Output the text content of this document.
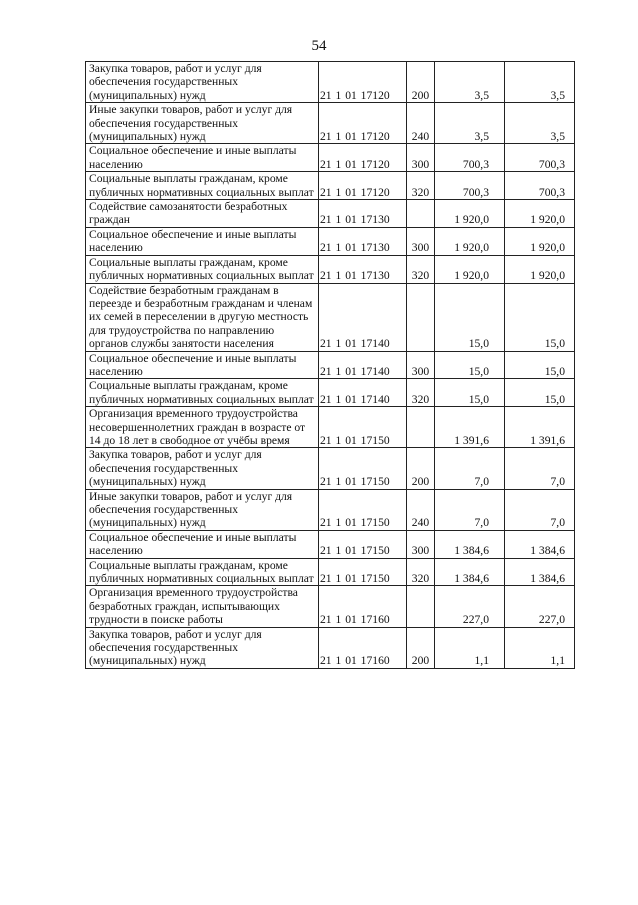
54
Закупка товаров, работ и услуг для обеспечения государственных (муниципальных) нужд	21 1 01 17120	200	3,5	3,5
Иные закупки товаров, работ и услуг для обеспечения государственных (муниципальных) нужд	21 1 01 17120	240	3,5	3,5
Социальное обеспечение и иные выплаты населению	21 1 01 17120	300	700,3	700,3
Социальные выплаты гражданам, кроме публичных нормативных социальных выплат	21 1 01 17120	320	700,3	700,3
Содействие самозанятости безработных граждан	21 1 01 17130		1 920,0	1 920,0
Социальное обеспечение и иные выплаты населению	21 1 01 17130	300	1 920,0	1 920,0
Социальные выплаты гражданам, кроме публичных нормативных социальных выплат	21 1 01 17130	320	1 920,0	1 920,0
Содействие безработным гражданам в переезде и безработным гражданам и членам их семей в переселении в другую местность для трудоустройства по направлению органов службы занятости населения	21 1 01 17140		15,0	15,0
Социальное обеспечение и иные выплаты населению	21 1 01 17140	300	15,0	15,0
Социальные выплаты гражданам, кроме публичных нормативных социальных выплат	21 1 01 17140	320	15,0	15,0
Организация временного трудоустройства несовершеннолетних граждан в возрасте от 14 до 18 лет в свободное от учёбы время	21 1 01 17150		1 391,6	1 391,6
Закупка товаров, работ и услуг для обеспечения государственных (муниципальных) нужд	21 1 01 17150	200	7,0	7,0
Иные закупки товаров, работ и услуг для обеспечения государственных (муниципальных) нужд	21 1 01 17150	240	7,0	7,0
Социальное обеспечение и иные выплаты населению	21 1 01 17150	300	1 384,6	1 384,6
Социальные выплаты гражданам, кроме публичных нормативных социальных выплат	21 1 01 17150	320	1 384,6	1 384,6
Организация временного трудоустройства безработных граждан, испытывающих трудности в поиске работы	21 1 01 17160		227,0	227,0
Закупка товаров, работ и услуг для обеспечения государственных (муниципальных) нужд	21 1 01 17160	200	1,1	1,1
